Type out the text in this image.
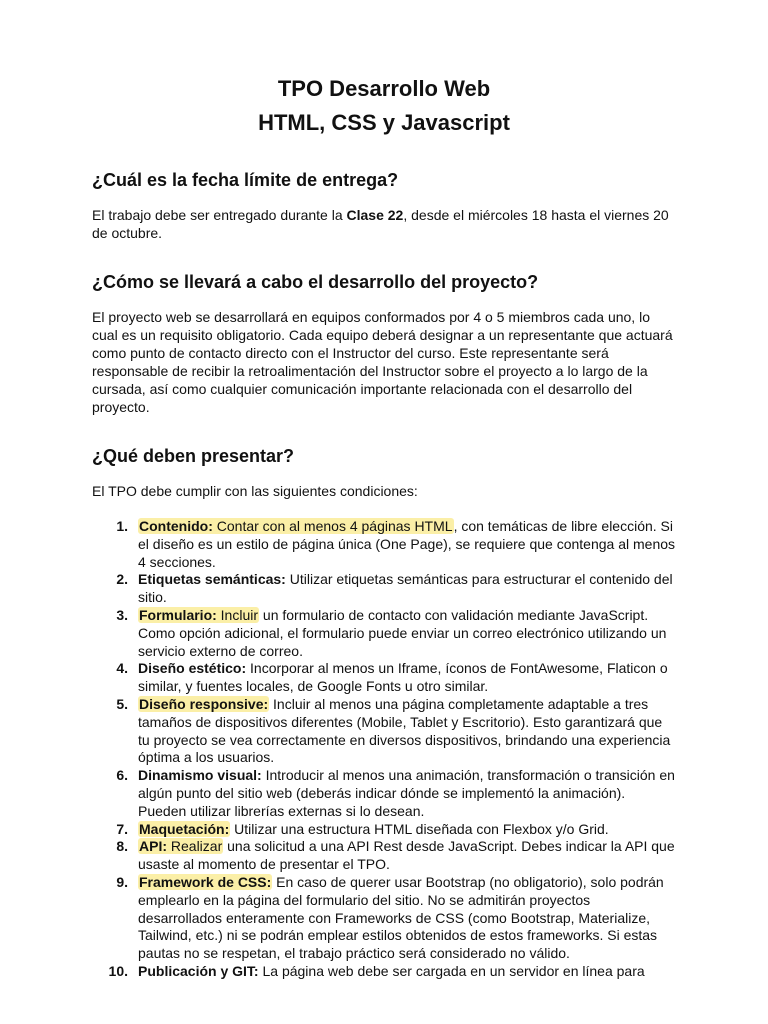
TPO Desarrollo Web
HTML, CSS y Javascript
¿Cuál es la fecha límite de entrega?

El trabajo debe ser entregado durante la Clase 22, desde el miércoles 18 hasta el viernes 20 de octubre.

¿Cómo se llevará a cabo el desarrollo del proyecto?

El proyecto web se desarrollará en equipos conformados por 4 o 5 miembros cada uno, lo cual es un requisito obligatorio. Cada equipo deberá designar a un representante que actuará como punto de contacto directo con el Instructor del curso. Este representante será responsable de recibir la retroalimentación del Instructor sobre el proyecto a lo largo de la cursada, así como cualquier comunicación importante relacionada con el desarrollo del proyecto.

¿Qué deben presentar?

El TPO debe cumplir con las siguientes condiciones:

1. Contenido: Contar con al menos 4 páginas HTML, con temáticas de libre elección. Si el diseño es un estilo de página única (One Page), se requiere que contenga al menos 4 secciones.
2. Etiquetas semánticas: Utilizar etiquetas semánticas para estructurar el contenido del sitio.
3. Formulario: Incluir un formulario de contacto con validación mediante JavaScript. Como opción adicional, el formulario puede enviar un correo electrónico utilizando un servicio externo de correo.
4. Diseño estético: Incorporar al menos un Iframe, íconos de FontAwesome, Flaticon o similar, y fuentes locales, de Google Fonts u otro similar.
5. Diseño responsive: Incluir al menos una página completamente adaptable a tres tamaños de dispositivos diferentes (Mobile, Tablet y Escritorio). Esto garantizará que tu proyecto se vea correctamente en diversos dispositivos, brindando una experiencia óptima a los usuarios.
6. Dinamismo visual: Introducir al menos una animación, transformación o transición en algún punto del sitio web (deberás indicar dónde se implementó la animación). Pueden utilizar librerías externas si lo desean.
7. Maquetación: Utilizar una estructura HTML diseñada con Flexbox y/o Grid.
8. API: Realizar una solicitud a una API Rest desde JavaScript. Debes indicar la API que usaste al momento de presentar el TPO.
9. Framework de CSS: En caso de querer usar Bootstrap (no obligatorio), solo podrán emplearlo en la página del formulario del sitio. No se admitirán proyectos desarrollados enteramente con Frameworks de CSS (como Bootstrap, Materialize, Tailwind, etc.) ni se podrán emplear estilos obtenidos de estos frameworks. Si estas pautas no se respetan, el trabajo práctico será considerado no válido.
10. Publicación y GIT: La página web debe ser cargada en un servidor en línea para
